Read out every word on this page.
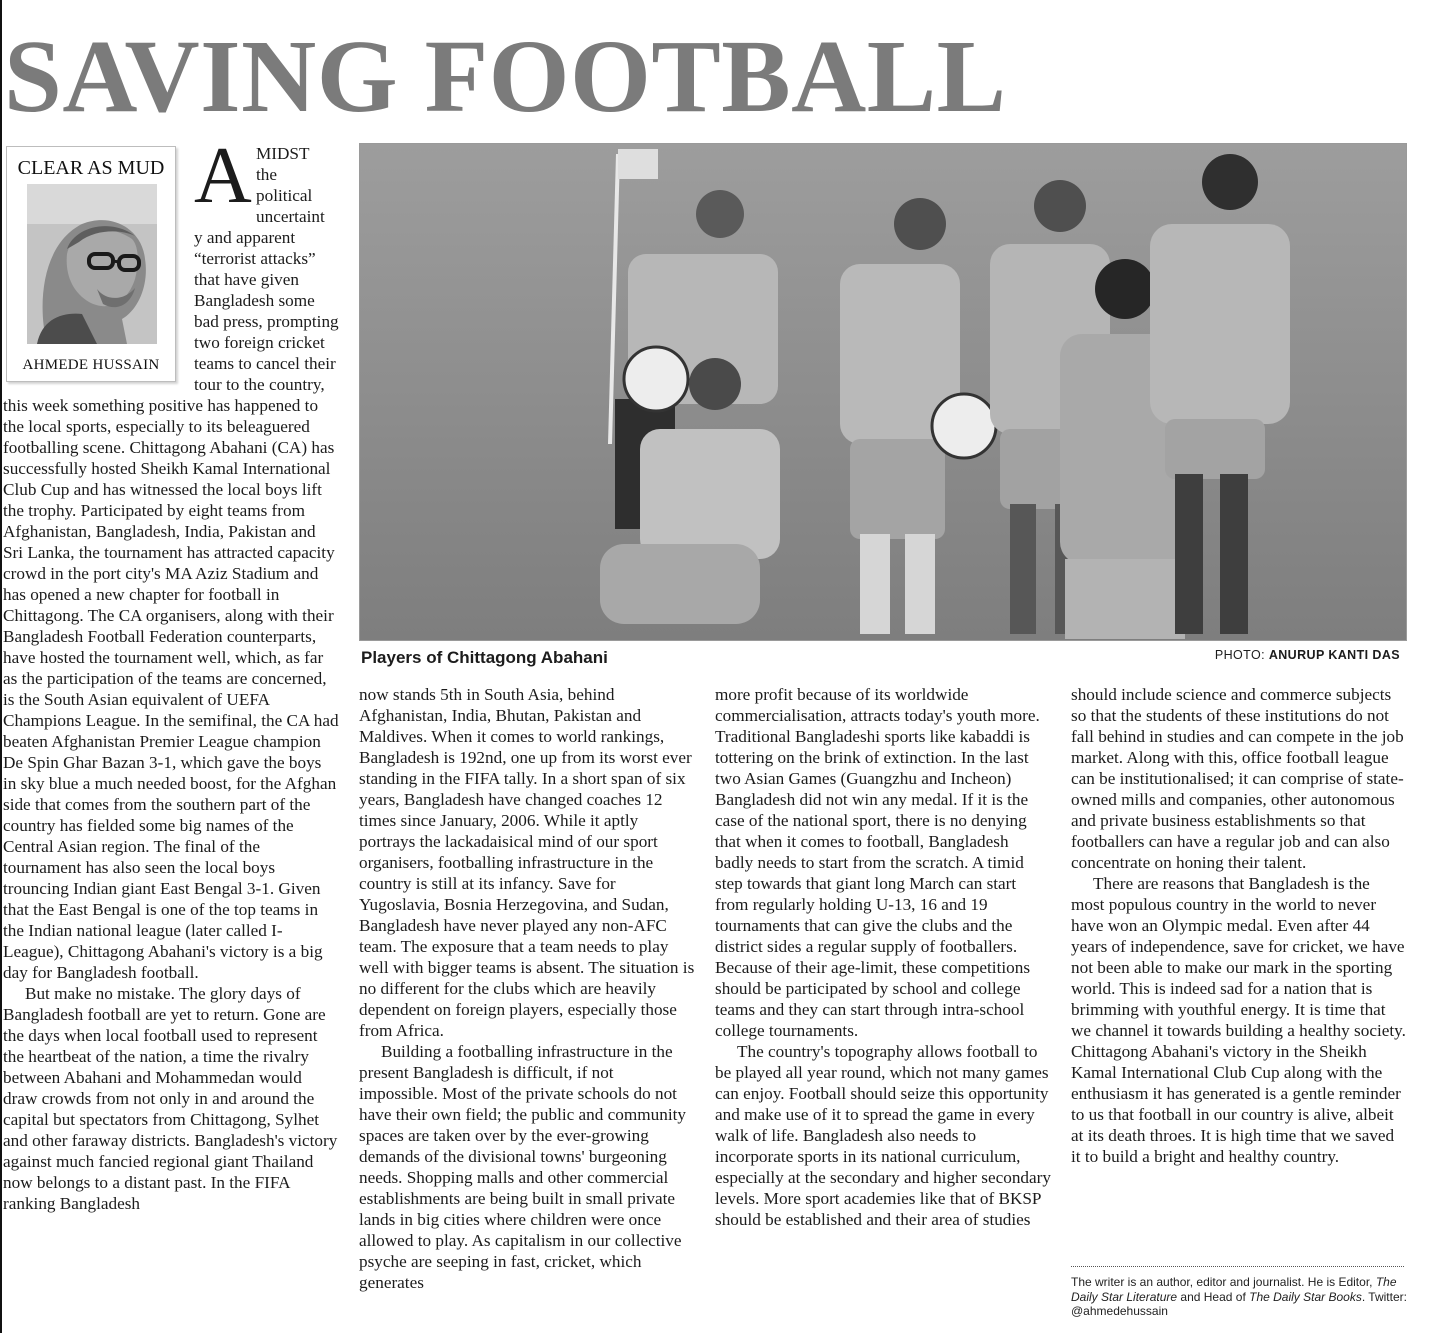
SAVING FOOTBALL
CLEAR AS MUD
AHMEDE HUSSAIN
A MIDST
the
political
uncertaint

y and apparent “terrorist attacks” that have given Bangladesh some bad press, prompting two foreign cricket teams to cancel their tour to the country,

this week something positive has happened to the local sports, especially to its beleaguered footballing scene. Chittagong Abahani (CA) has successfully hosted Sheikh Kamal International Club Cup and has witnessed the local boys lift the trophy. Participated by eight teams from Afghanistan, Bangladesh, India, Pakistan and Sri Lanka, the tournament has attracted capacity crowd in the port city's MA Aziz Stadium and has opened a new chapter for football in Chittagong. The CA organisers, along with their Bangladesh Football Federation counterparts, have hosted the tournament well, which, as far as the participation of the teams are concerned, is the South Asian equivalent of UEFA Champions League. In the semifinal, the CA had beaten Afghanistan Premier League champion De Spin Ghar Bazan 3-1, which gave the boys in sky blue a much needed boost, for the Afghan side that comes from the southern part of the country has fielded some big names of the Central Asian region. The final of the tournament has also seen the local boys trouncing Indian giant East Bengal 3-1. Given that the East Bengal is one of the top teams in the Indian national league (later called I-League), Chittagong Abahani's victory is a big day for Bangladesh football.

But make no mistake. The glory days of Bangladesh football are yet to return. Gone are the days when local football used to represent the heartbeat of the nation, a time the rivalry between Abahani and Mohammedan would draw crowds from not only in and around the capital but spectators from Chittagong, Sylhet and other faraway districts. Bangladesh's victory against much fancied regional giant Thailand now belongs to a distant past. In the FIFA ranking Bangladesh

Players of Chittagong Abahani	PHOTO: ANURUP KANTI DAS

now stands 5th in South Asia, behind Afghanistan, India, Bhutan, Pakistan and Maldives. When it comes to world rankings, Bangladesh is 192nd, one up from its worst ever standing in the FIFA tally. In a short span of six years, Bangladesh have changed coaches 12 times since January, 2006. While it aptly portrays the lackadaisical mind of our sport organisers, footballing infrastructure in the country is still at its infancy. Save for Yugoslavia, Bosnia Herzegovina, and Sudan, Bangladesh have never played any non-AFC team. The exposure that a team needs to play well with bigger teams is absent. The situation is no different for the clubs which are heavily dependent on foreign players, especially those from Africa.

Building a footballing infrastructure in the present Bangladesh is difficult, if not impossible. Most of the private schools do not have their own field; the public and community spaces are taken over by the ever-growing demands of the divisional towns' burgeoning needs. Shopping malls and other commercial establishments are being built in small private lands in big cities where children were once allowed to play. As capitalism in our collective psyche are seeping in fast, cricket, which generates

more profit because of its worldwide commercialisation, attracts today's youth more. Traditional Bangladeshi sports like kabaddi is tottering on the brink of extinction. In the last two Asian Games (Guangzhu and Incheon) Bangladesh did not win any medal. If it is the case of the national sport, there is no denying that when it comes to football, Bangladesh badly needs to start from the scratch. A timid step towards that giant long March can start from regularly holding U-13, 16 and 19 tournaments that can give the clubs and the district sides a regular supply of footballers. Because of their age-limit, these competitions should be participated by school and college teams and they can start through intra-school college tournaments.

The country's topography allows football to be played all year round, which not many games can enjoy. Football should seize this opportunity and make use of it to spread the game in every walk of life. Bangladesh also needs to incorporate sports in its national curriculum, especially at the secondary and higher secondary levels. More sport academies like that of BKSP should be established and their area of studies

should include science and commerce subjects so that the students of these institutions do not fall behind in studies and can compete in the job market. Along with this, office football league can be institutionalised; it can comprise of state-owned mills and companies, other autonomous and private business establishments so that footballers can have a regular job and can also concentrate on honing their talent.

There are reasons that Bangladesh is the most populous country in the world to never have won an Olympic medal. Even after 44 years of independence, save for cricket, we have not been able to make our mark in the sporting world. This is indeed sad for a nation that is brimming with youthful energy. It is time that we channel it towards building a healthy society. Chittagong Abahani's victory in the Sheikh Kamal International Club Cup along with the enthusiasm it has generated is a gentle reminder to us that football in our country is alive, albeit at its death throes. It is high time that we saved it to build a bright and healthy country.

The writer is an author, editor and journalist. He is Editor, The Daily Star Literature and Head of The Daily Star Books. Twitter: @ahmedehussain
